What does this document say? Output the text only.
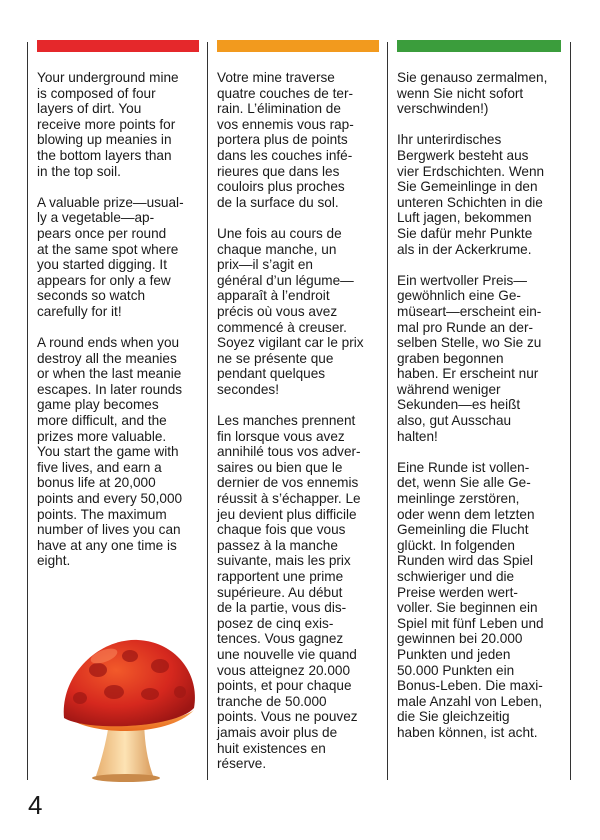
Your underground mine
is composed of four
layers of dirt. You
receive more points for
blowing up meanies in
the bottom layers than
in the top soil.

A valuable prize—usual-
ly a vegetable—ap-
pears once per round
at the same spot where
you started digging. It
appears for only a few
seconds so watch
carefully for it!

A round ends when you
destroy all the meanies
or when the last meanie
escapes. In later rounds
game play becomes
more difficult, and the
prizes more valuable.
You start the game with
five lives, and earn a
bonus life at 20,000
points and every 50,000
points. The maximum
number of lives you can
have at any one time is
eight.

Votre mine traverse
quatre couches de ter-
rain. L’élimination de
vos ennemis vous rap-
portera plus de points
dans les couches infé-
rieures que dans les
couloirs plus proches
de la surface du sol.

Une fois au cours de
chaque manche, un
prix—il s’agit en
général d’un légume—
apparaît à l’endroit
précis où vous avez
commencé à creuser.
Soyez vigilant car le prix
ne se présente que
pendant quelques
secondes!

Les manches prennent
fin lorsque vous avez
annihilé tous vos adver-
saires ou bien que le
dernier de vos ennemis
réussit à s’échapper. Le
jeu devient plus difficile
chaque fois que vous
passez à la manche
suivante, mais les prix
rapportent une prime
supérieure. Au début
de la partie, vous dis-
posez de cinq exis-
tences. Vous gagnez
une nouvelle vie quand
vous atteignez 20.000
points, et pour chaque
tranche de 50.000
points. Vous ne pouvez
jamais avoir plus de
huit existences en
réserve.

Sie genauso zermalmen,
wenn Sie nicht sofort
verschwinden!)

Ihr unterirdisches
Bergwerk besteht aus
vier Erdschichten. Wenn
Sie Gemeinlinge in den
unteren Schichten in die
Luft jagen, bekommen
Sie dafür mehr Punkte
als in der Ackerkrume.

Ein wertvoller Preis—
gewöhnlich eine Ge-
müseart—erscheint ein-
mal pro Runde an der-
selben Stelle, wo Sie zu
graben begonnen
haben. Er erscheint nur
während weniger
Sekunden—es heißt
also, gut Ausschau
halten!

Eine Runde ist vollen-
det, wenn Sie alle Ge-
meinlinge zerstören,
oder wenn dem letzten
Gemeinling die Flucht
glückt. In folgenden
Runden wird das Spiel
schwieriger und die
Preise werden wert-
voller. Sie beginnen ein
Spiel mit fünf Leben und
gewinnen bei 20.000
Punkten und jeden
50.000 Punkten ein
Bonus-Leben. Die maxi-
male Anzahl von Leben,
die Sie gleichzeitig
haben können, ist acht.

4
